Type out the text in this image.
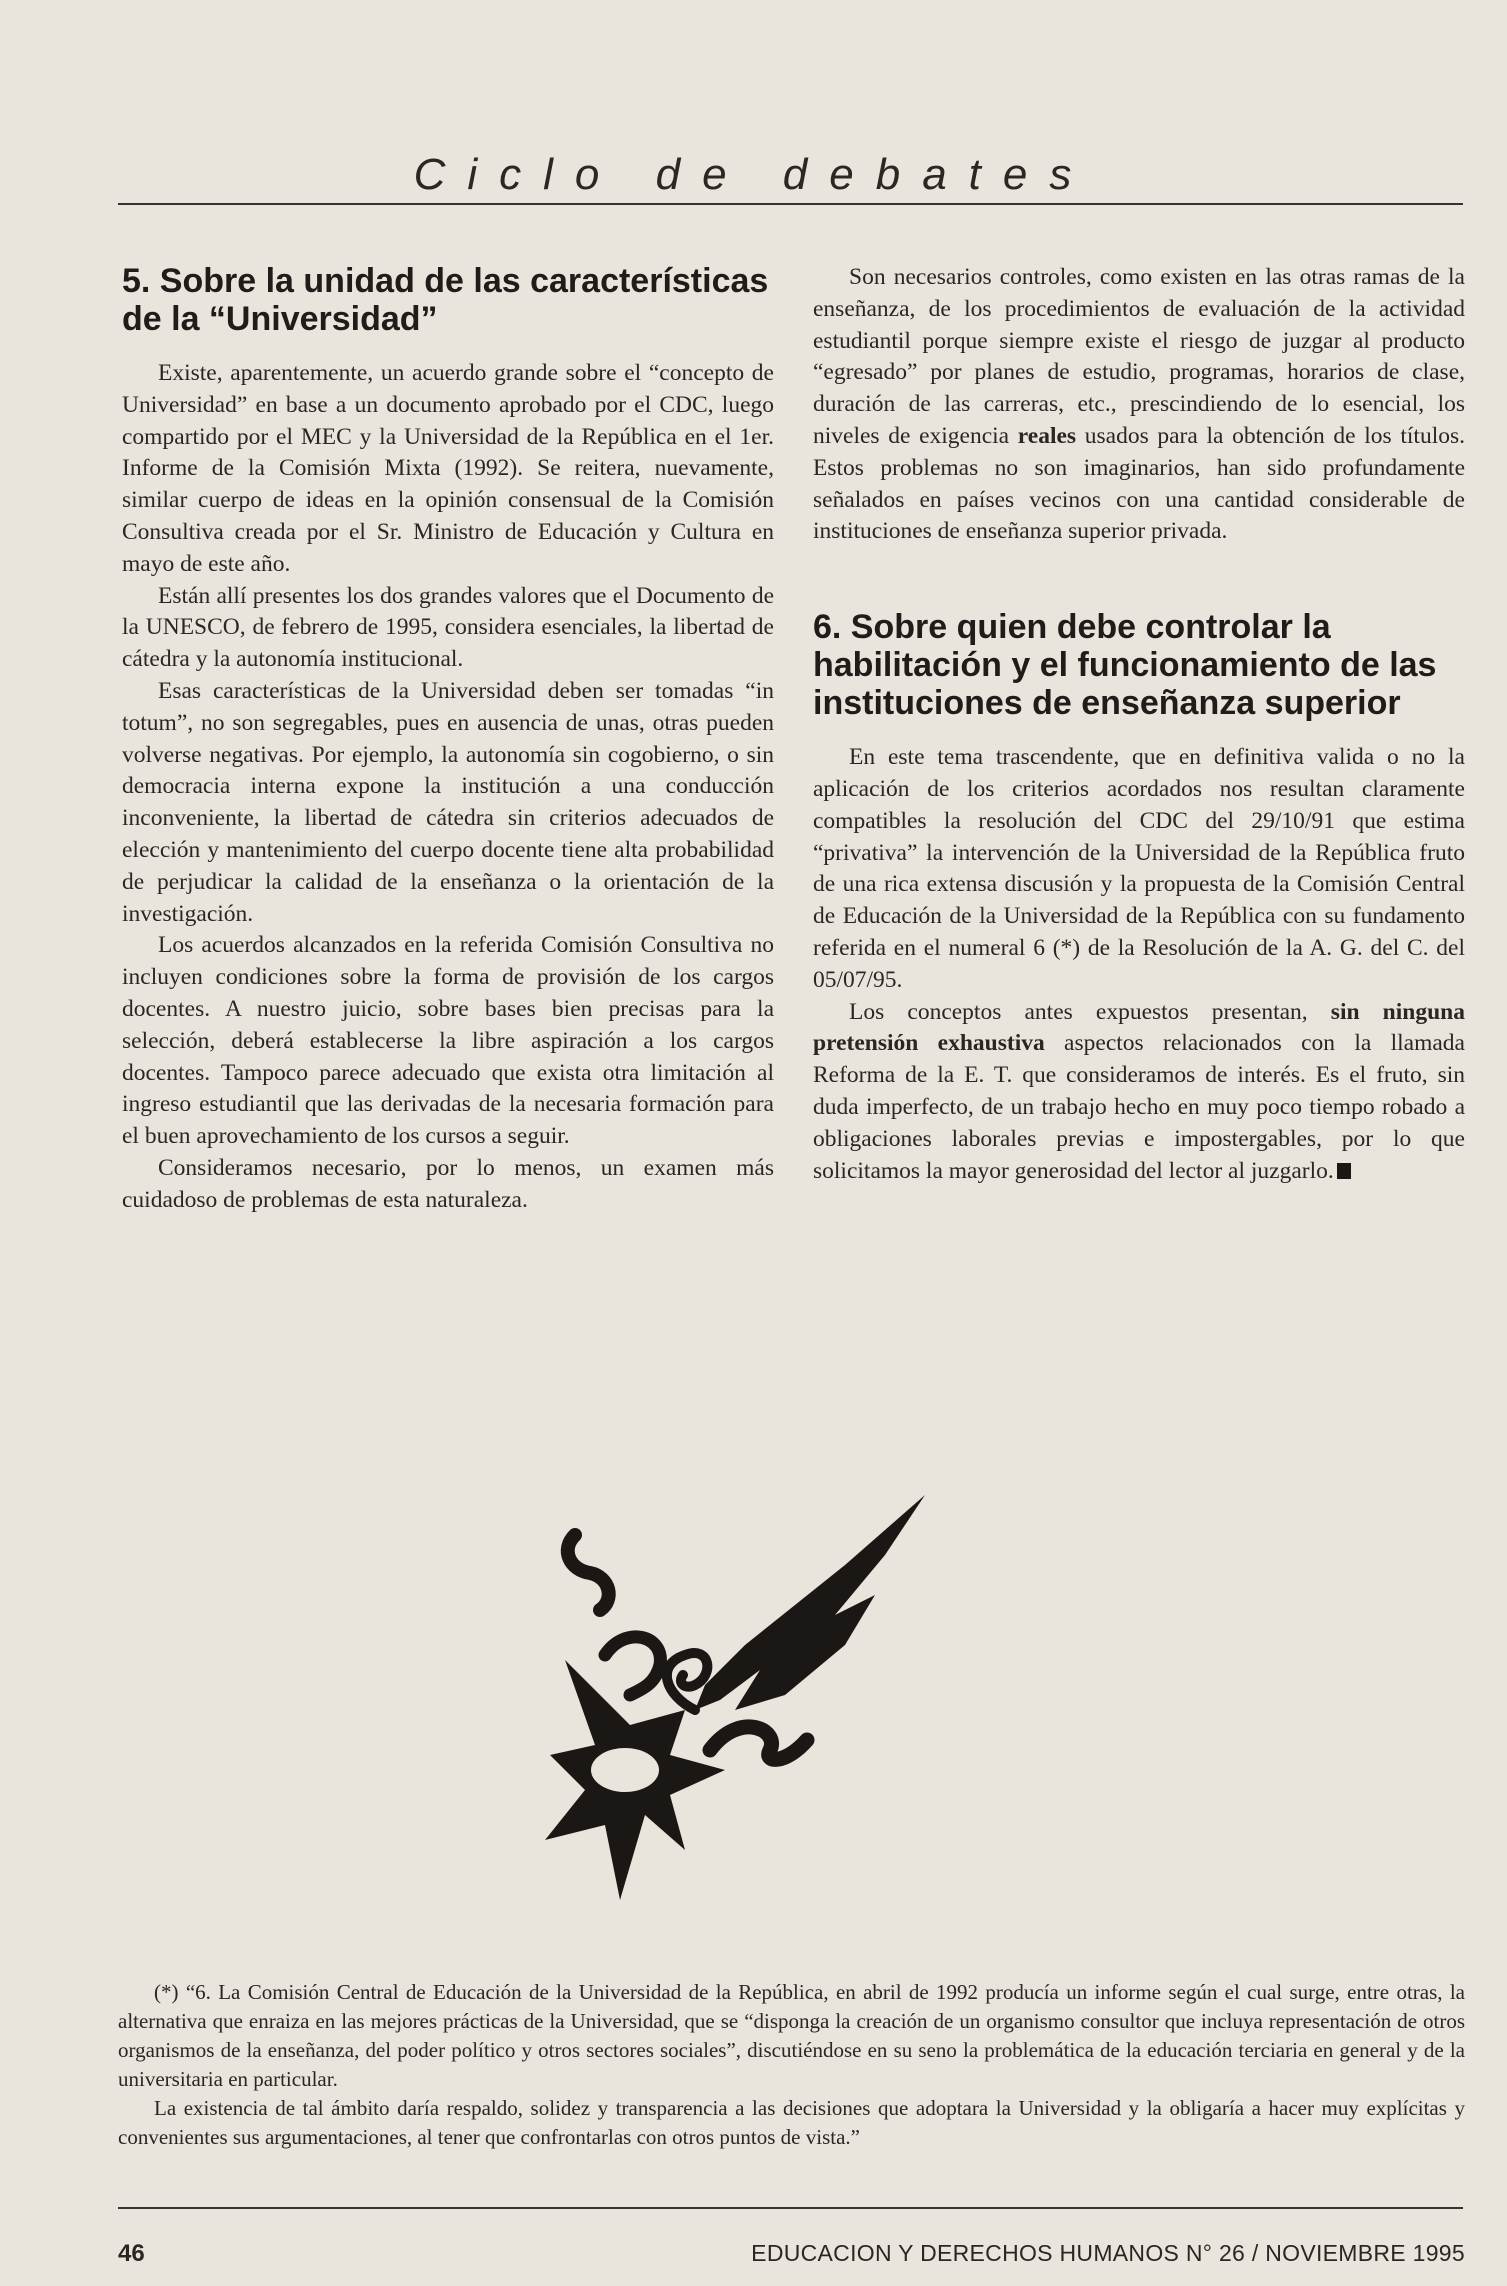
Ciclo de debates
5. Sobre la unidad de las características de la “Universidad”

Existe, aparentemente, un acuerdo grande sobre el “concepto de Universidad” en base a un documento aprobado por el CDC, luego compartido por el MEC y la Universidad de la República en el 1er. Informe de la Comisión Mixta (1992). Se reitera, nuevamente, similar cuerpo de ideas en la opinión consensual de la Comisión Consultiva creada por el Sr. Ministro de Educación y Cultura en mayo de este año.

Están allí presentes los dos grandes valores que el Documento de la UNESCO, de febrero de 1995, considera esenciales, la libertad de cátedra y la autonomía institucional.

Esas características de la Universidad deben ser tomadas “in totum”, no son segregables, pues en ausencia de unas, otras pueden volverse negativas. Por ejemplo, la autonomía sin cogobierno, o sin democracia interna expone la institución a una conducción inconveniente, la libertad de cátedra sin criterios adecuados de elección y mantenimiento del cuerpo docente tiene alta probabilidad de perjudicar la calidad de la enseñanza o la orientación de la investigación.

Los acuerdos alcanzados en la referida Comisión Consultiva no incluyen condiciones sobre la forma de provisión de los cargos docentes. A nuestro juicio, sobre bases bien precisas para la selección, deberá establecerse la libre aspiración a los cargos docentes. Tampoco parece adecuado que exista otra limitación al ingreso estudiantil que las derivadas de la necesaria formación para el buen aprovechamiento de los cursos a seguir.

Consideramos necesario, por lo menos, un examen más cuidadoso de problemas de esta naturaleza.

Son necesarios controles, como existen en las otras ramas de la enseñanza, de los procedimientos de evaluación de la actividad estudiantil porque siempre existe el riesgo de juzgar al producto “egresado” por planes de estudio, programas, horarios de clase, duración de las carreras, etc., prescindiendo de lo esencial, los niveles de exigencia reales usados para la obtención de los títulos. Estos problemas no son imaginarios, han sido profundamente señalados en países vecinos con una cantidad considerable de instituciones de enseñanza superior privada.

6. Sobre quien debe controlar la habilitación y el funcionamiento de las instituciones de enseñanza superior

En este tema trascendente, que en definitiva valida o no la aplicación de los criterios acordados nos resultan claramente compatibles la resolución del CDC del 29/10/91 que estima “privativa” la intervención de la Universidad de la República fruto de una rica extensa discusión y la propuesta de la Comisión Central de Educación de la Universidad de la República con su fundamento referida en el numeral 6 (*) de la Resolución de la A. G. del C. del 05/07/95.

Los conceptos antes expuestos presentan, sin ninguna pretensión exhaustiva aspectos relacionados con la llamada Reforma de la E. T. que consideramos de interés. Es el fruto, sin duda imperfecto, de un trabajo hecho en muy poco tiempo robado a obligaciones laborales previas e impostergables, por lo que solicitamos la mayor generosidad del lector al juzgarlo.

(*) “6. La Comisión Central de Educación de la Universidad de la República, en abril de 1992 producía un informe según el cual surge, entre otras, la alternativa que enraiza en las mejores prácticas de la Universidad, que se “disponga la creación de un organismo consultor que incluya representación de otros organismos de la enseñanza, del poder político y otros sectores sociales”, discutiéndose en su seno la problemática de la educación terciaria en general y de la universitaria en particular.

La existencia de tal ámbito daría respaldo, solidez y transparencia a las decisiones que adoptara la Universidad y la obligaría a hacer muy explícitas y convenientes sus argumentaciones, al tener que confrontarlas con otros puntos de vista.”

46	EDUCACION Y DERECHOS HUMANOS N° 26 / NOVIEMBRE 1995
